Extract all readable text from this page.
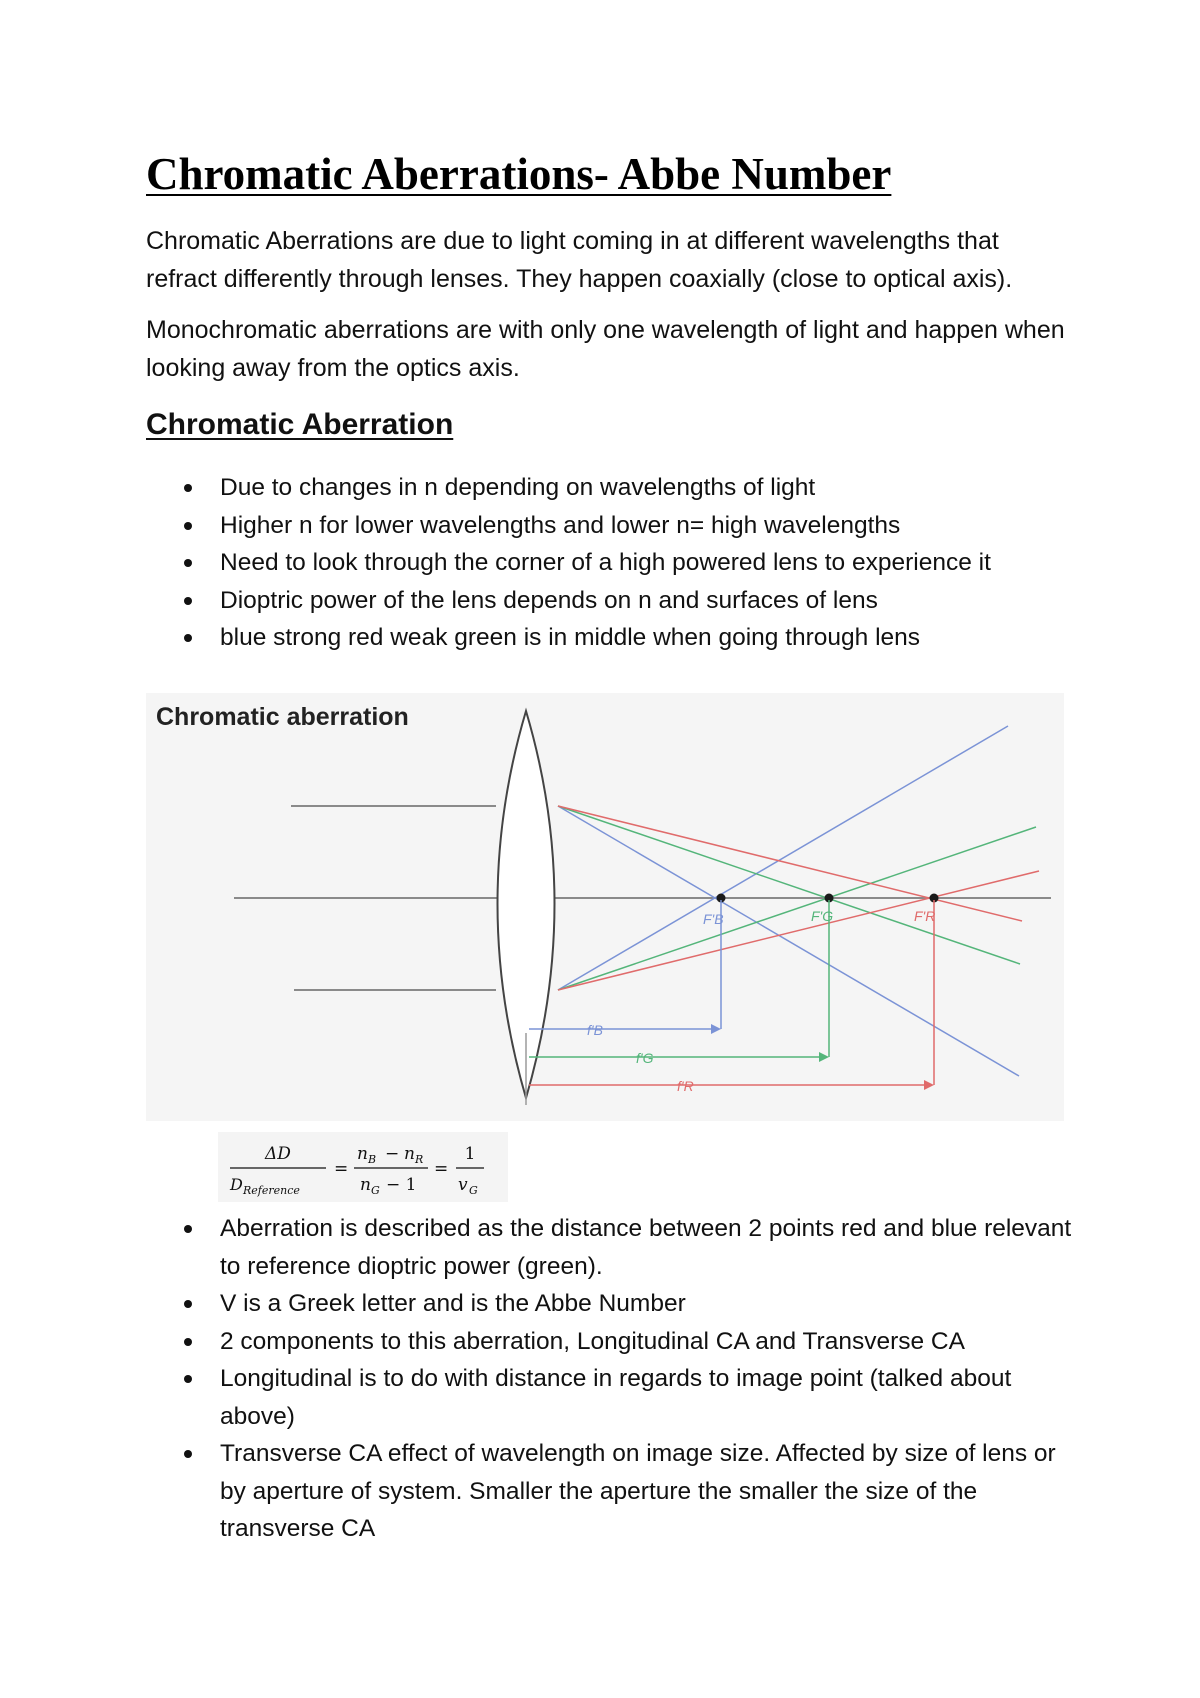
Chromatic Aberrations- Abbe Number

Chromatic Aberrations are due to light coming in at different wavelengths that refract differently through lenses. They happen coaxially (close to optical axis).

Monochromatic aberrations are with only one wavelength of light and happen when looking away from the optics axis.

Chromatic Aberration
Due to changes in n depending on wavelengths of light
Higher n for lower wavelengths and lower n= high wavelengths
Need to look through the corner of a high powered lens to experience it
Dioptric power of the lens depends on n and surfaces of lens
blue strong red weak green is in middle when going through lens
Chromatic aberration
F'B	F'G	F'R
f'B
f'G
f'R
ΔD
D Reference
=
n B − n R
n G − 1
=
1
v G
Aberration is described as the distance between 2 points red and blue relevant to reference dioptric power (green).
V is a Greek letter and is the Abbe Number
2 components to this aberration, Longitudinal CA and Transverse CA
Longitudinal is to do with distance in regards to image point (talked about above)
Transverse CA effect of wavelength on image size. Affected by size of lens or by aperture of system. Smaller the aperture the smaller the size of the transverse CA
